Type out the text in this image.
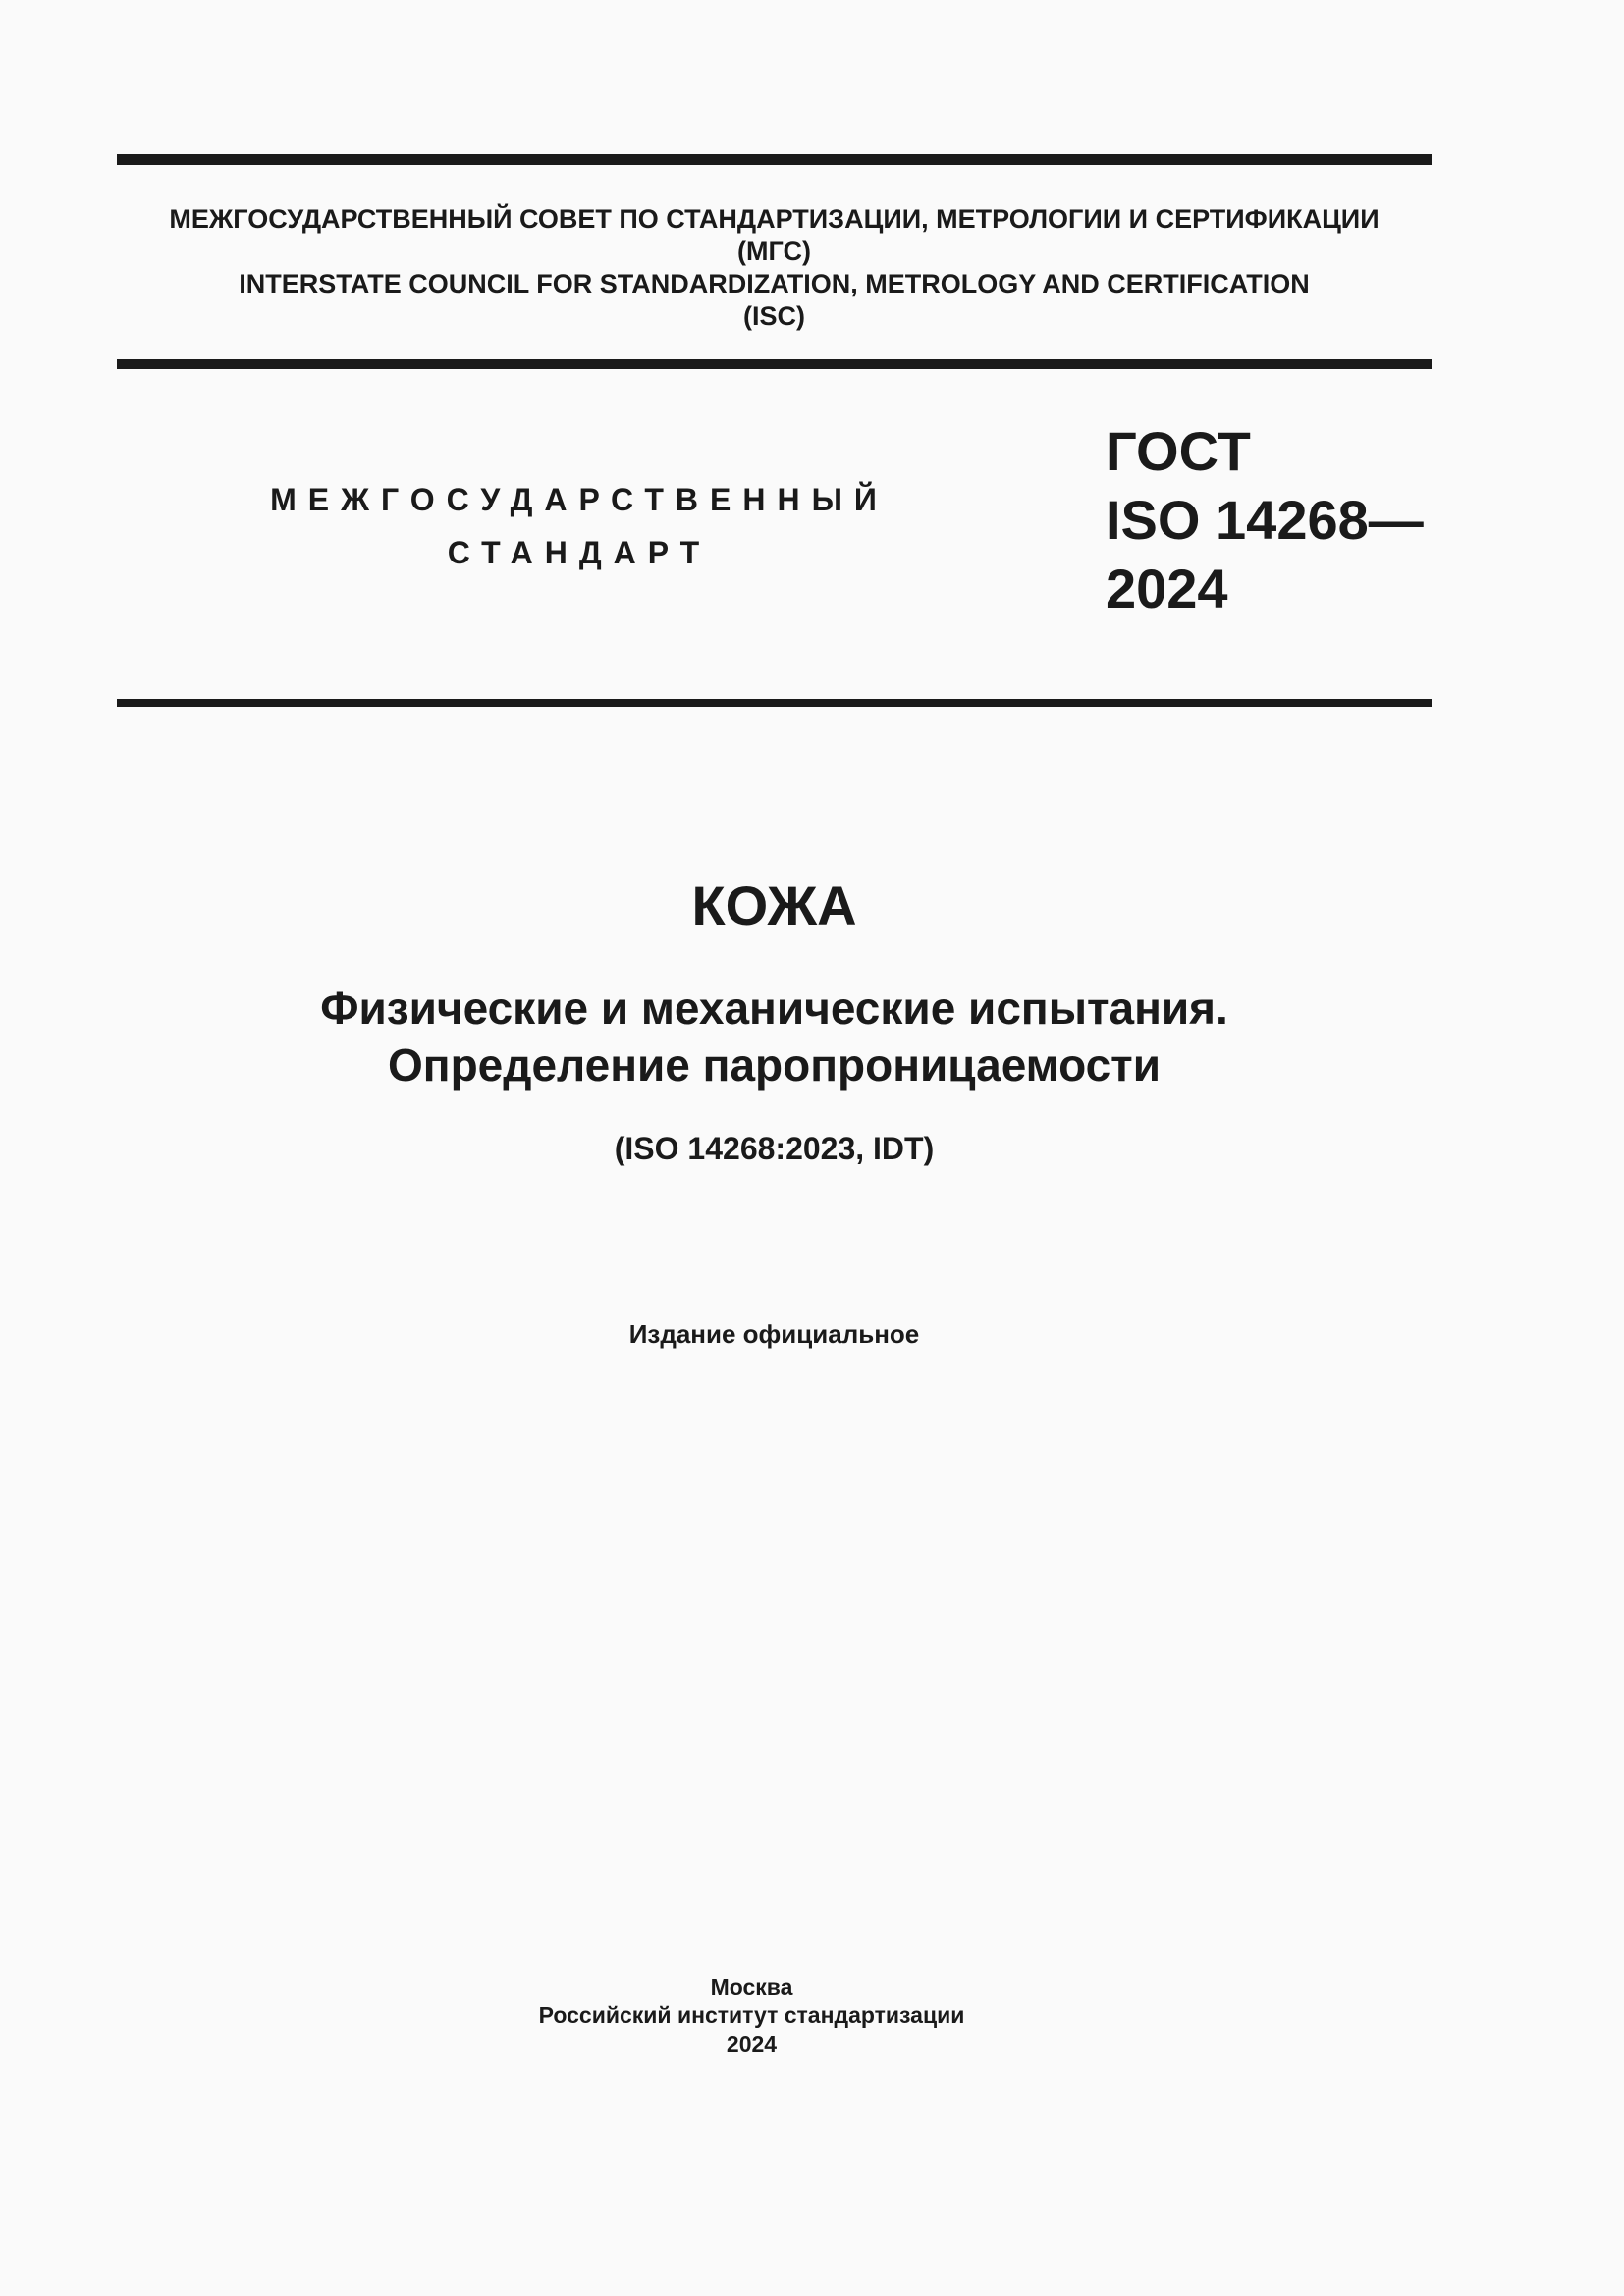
МЕЖГОСУДАРСТВЕННЫЙ СОВЕТ ПО СТАНДАРТИЗАЦИИ, МЕТРОЛОГИИ И СЕРТИФИКАЦИИ
(МГС)
INTERSTATE COUNCIL FOR STANDARDIZATION, METROLOGY AND CERTIFICATION
(ISC)
МЕЖГОСУДАРСТВЕННЫЙ
СТАНДАРТ
ГОСТ
ISO 14268—
2024
КОЖА
Физические и механические испытания.
Определение паропроницаемости
(ISO 14268:2023, IDT)
Издание официальное
Москва
Российский институт стандартизации
2024
